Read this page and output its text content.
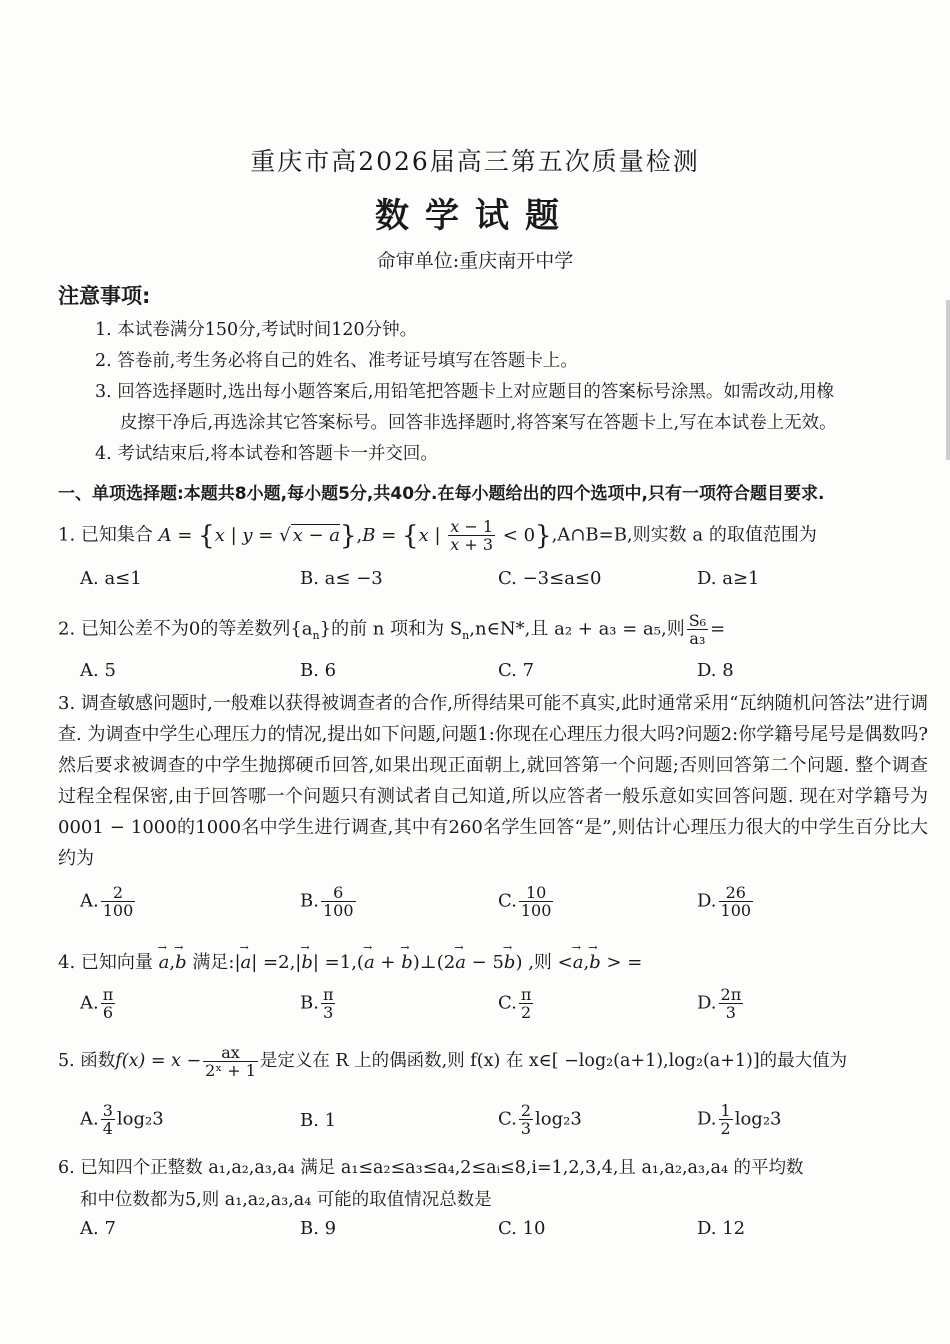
重庆市高2026届高三第五次质量检测
数学试题
命审单位:重庆南开中学
注意事项:
1. 本试卷满分150分,考试时间120分钟。
2. 答卷前,考生务必将自己的姓名、准考证号填写在答题卡上。
3. 回答选择题时,选出每小题答案后,用铅笔把答题卡上对应题目的答案标号涂黑。如需改动,用橡
皮擦干净后,再选涂其它答案标号。回答非选择题时,将答案写在答题卡上,写在本试卷上无效。
4. 考试结束后,将本试卷和答题卡一并交回。
一、单项选择题:本题共8小题,每小题5分,共40分.在每小题给出的四个选项中,只有一项符合题目要求.
1. 已知集合 A = {x | y = √ x − a},B = {x | $\frac{x - 1}{x + 3}$ < 0},A∩B=B,则实数 a 的取值范围为
A. a≤1	B. a≤ −3	C. −3≤a≤0	D. a≥1
2. 已知公差不为0的等差数列$\{a_n\}$的前 n 项和为 $S_n,n\in N*$,且 a₂ + a₃ = a₅,则 $\frac{\text{S₆}}{\text{a₃}}$ =
A. 5	B. 6	C. 7	D. 8
3. 调查敏感问题时,一般难以获得被调查者的合作,所得结果可能不真实,此时通常采用“瓦纳随机问答法”进行调查. 为调查中学生心理压力的情况,提出如下问题,问题1:你现在心理压力很大吗?问题2:你学籍号尾号是偶数吗? 然后要求被调查的中学生抛掷硬币回答,如果出现正面朝上,就回答第一个问题;否则回答第二个问题. 整个调查过程全程保密,由于回答哪一个问题只有测试者自己知道,所以应答者一般乐意如实回答问题. 现在对学籍号为0001 − 1000的1000名中学生进行调查,其中有260名学生回答“是”,则估计心理压力很大的中学生百分比大约为
A. $\frac{2}{100}$	B. $\frac{6}{100}$	C. $\frac{10}{100}$	D. $\frac{26}{100}$
4. 已知向量 → a,→ b 满足:|→ a| =2,|→ b| =1,(→ a + → b)⊥(2→ a − 5→ b) ,则 <→ a,→ b > =
A. $\frac{\pi}{6}$	B. $\frac{\pi}{3}$	C. $\frac{\pi}{2}$	D. $\frac{2\pi}{3}$
5. 函数$f(x) = x - \frac{ax}{\text{2ˣ + 1}}$ 是定义在 R 上的偶函数,则 f(x) 在 x∈[ −log₂(a+1),log₂(a+1)]的最大值为
A. $\frac{3}{4} \log_23$	B. 1	C. $\frac{2}{3} \log_23$	D. $\frac{1}{2} \log_23$
6. 已知四个正整数 a₁,a₂,a₃,a₄ 满足 a₁≤a₂≤a₃≤a₄,2≤aᵢ≤8,i=1,2,3,4,且 a₁,a₂,a₃,a₄ 的平均数
和中位数都为5,则 a₁,a₂,a₃,a₄ 可能的取值情况总数是
A. 7	B. 9	C. 10	D. 12
